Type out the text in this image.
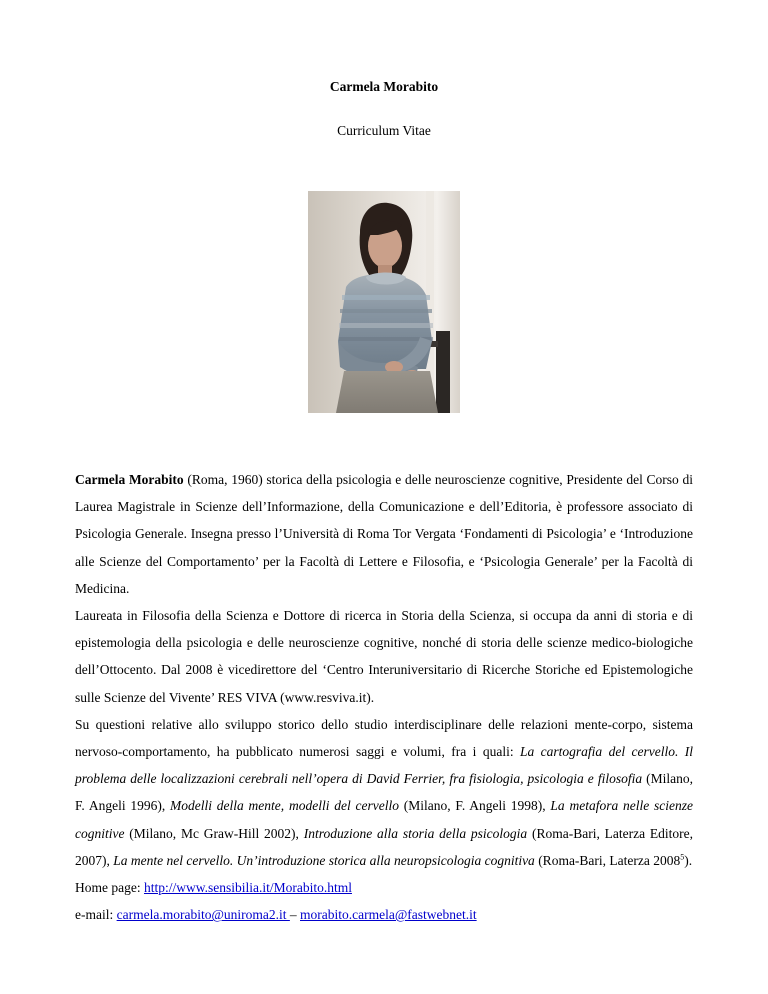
Carmela Morabito
Curriculum Vitae

Carmela Morabito (Roma, 1960) storica della psicologia e delle neuroscienze cognitive, Presidente del Corso di Laurea Magistrale in Scienze dell’Informazione, della Comunicazione e dell’Editoria, è professore associato di Psicologia Generale. Insegna presso l’Università di Roma Tor Vergata ‘Fondamenti di Psicologia’ e ‘Introduzione alle Scienze del Comportamento’ per la Facoltà di Lettere e Filosofia, e ‘Psicologia Generale’ per la Facoltà di Medicina.

Laureata in Filosofia della Scienza e Dottore di ricerca in Storia della Scienza, si occupa da anni di storia e di epistemologia della psicologia e delle neuroscienze cognitive, nonché di storia delle scienze medico-biologiche dell’Ottocento. Dal 2008 è vicedirettore del ‘Centro Interuniversitario di Ricerche Storiche ed Epistemologiche sulle Scienze del Vivente’ RES VIVA (www.resviva.it).

Su questioni relative allo sviluppo storico dello studio interdisciplinare delle relazioni mente-corpo, sistema nervoso-comportamento, ha pubblicato numerosi saggi e volumi, fra i quali: La cartografia del cervello. Il problema delle localizzazioni cerebrali nell’opera di David Ferrier, fra fisiologia, psicologia e filosofia (Milano, F. Angeli 1996), Modelli della mente, modelli del cervello (Milano, F. Angeli 1998), La metafora nelle scienze cognitive (Milano, Mc Graw-Hill 2002), Introduzione alla storia della psicologia (Roma-Bari, Laterza Editore, 2007), La mente nel cervello. Un’introduzione storica alla neuropsicologia cognitiva (Roma-Bari, Laterza 2008$^5$).

Home page: http://www.sensibilia.it/Morabito.html

e-mail: carmela.morabito@uniroma2.it – morabito.carmela@fastwebnet.it
